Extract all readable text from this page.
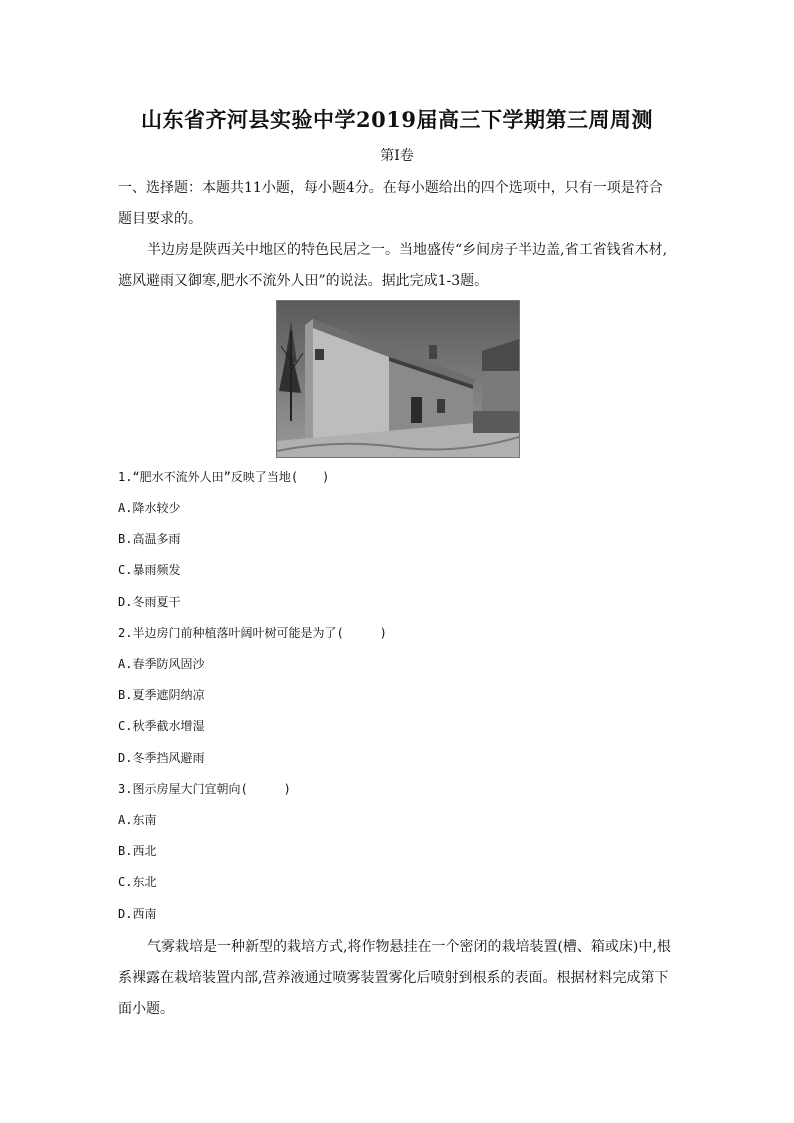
山东省齐河县实验中学2019届高三下学期第三周周测
第Ⅰ卷
一、选择题：本题共11小题，每小题4分。在每小题给出的四个选项中，只有一项是符合
题目要求的。
半边房是陕西关中地区的特色民居之一。当地盛传“乡间房子半边盖,省工省钱省木材,
遮风避雨又御寒,肥水不流外人田”的说法。据此完成1-3题。
1.“肥水不流外人田”反映了当地(　　)
A.降水较少
B.高温多雨
C.暴雨频发
D.冬雨夏干
2.半边房门前种植落叶阔叶树可能是为了(　　　)
A.春季防风固沙
B.夏季遮阴纳凉
C.秋季截水增湿
D.冬季挡风避雨
3.图示房屋大门宜朝向(　　　)
A.东南
B.西北
C.东北
D.西南
气雾栽培是一种新型的栽培方式,将作物悬挂在一个密闭的栽培装置(槽、箱或床)中,根
系裸露在栽培装置内部,营养液通过喷雾装置雾化后喷射到根系的表面。根据材料完成第下
面小题。
